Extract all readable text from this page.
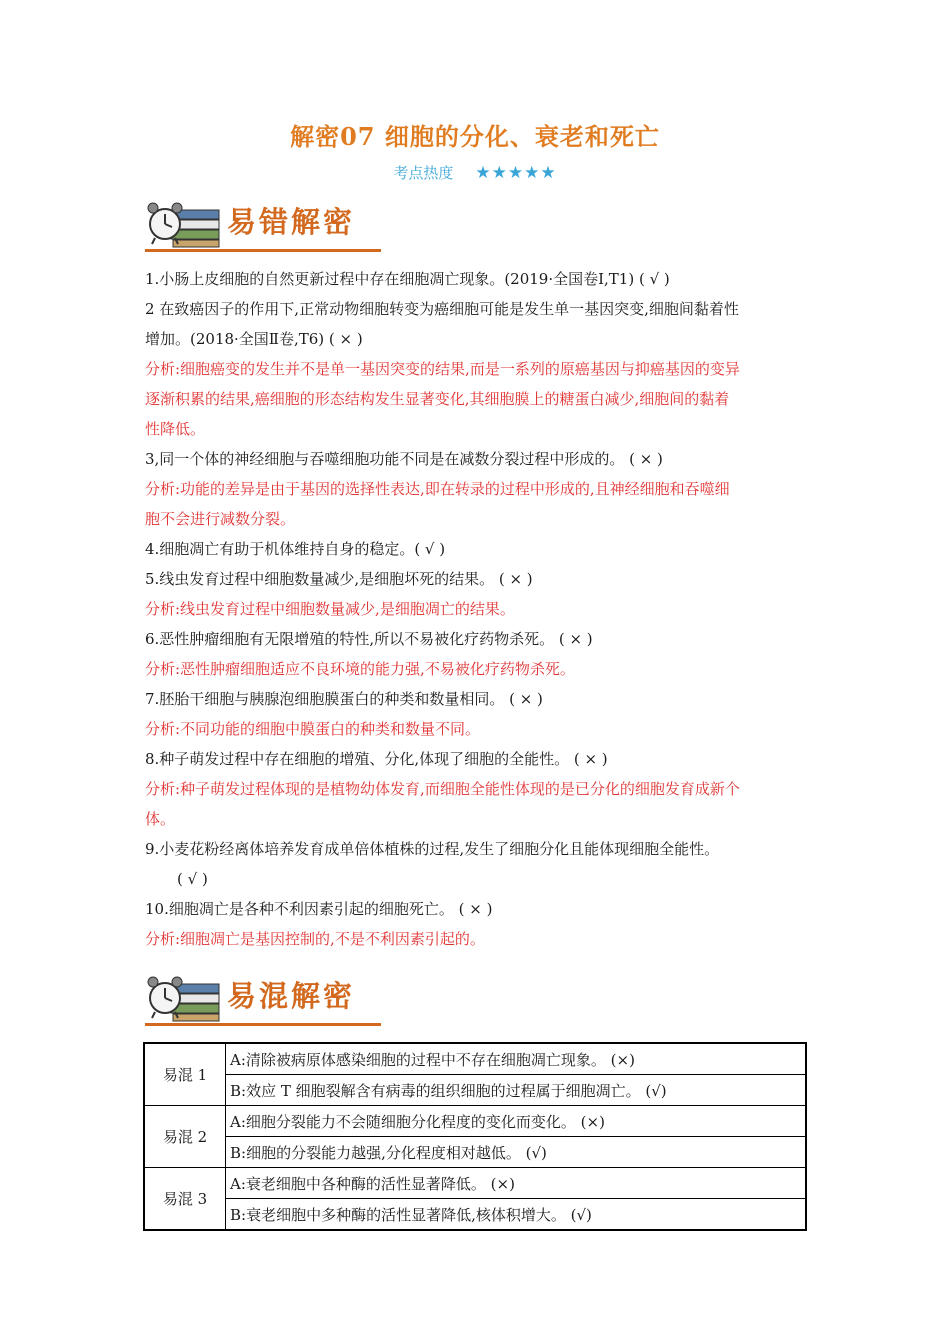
解密07 细胞的分化、衰老和死亡
考点热度 ★★★★★
易错解密
1.小肠上皮细胞的自然更新过程中存在细胞凋亡现象。(2019·全国卷Ⅰ,T1) ( √ )
2 在致癌因子的作用下,正常动物细胞转变为癌细胞可能是发生单一基因突变,细胞间黏着性
增加。(2018·全国Ⅱ卷,T6) ( × )
分析:细胞癌变的发生并不是单一基因突变的结果,而是一系列的原癌基因与抑癌基因的变异
逐渐积累的结果,癌细胞的形态结构发生显著变化,其细胞膜上的糖蛋白减少,细胞间的黏着
性降低。
3,同一个体的神经细胞与吞噬细胞功能不同是在减数分裂过程中形成的。 ( × )
分析:功能的差异是由于基因的选择性表达,即在转录的过程中形成的,且神经细胞和吞噬细
胞不会进行减数分裂。
4.细胞凋亡有助于机体维持自身的稳定。( √ )
5.线虫发育过程中细胞数量减少,是细胞坏死的结果。 ( × )
分析:线虫发育过程中细胞数量减少,是细胞凋亡的结果。
6.恶性肿瘤细胞有无限增殖的特性,所以不易被化疗药物杀死。 ( × )
分析:恶性肿瘤细胞适应不良环境的能力强,不易被化疗药物杀死。
7.胚胎干细胞与胰腺泡细胞膜蛋白的种类和数量相同。 ( × )
分析:不同功能的细胞中膜蛋白的种类和数量不同。
8.种子萌发过程中存在细胞的增殖、分化,体现了细胞的全能性。 ( × )
分析:种子萌发过程体现的是植物幼体发育,而细胞全能性体现的是已分化的细胞发育成新个
体。
9.小麦花粉经离体培养发育成单倍体植株的过程,发生了细胞分化且能体现细胞全能性。
( √ )
10.细胞凋亡是各种不利因素引起的细胞死亡。 ( × )
分析:细胞凋亡是基因控制的,不是不利因素引起的。
易混解密
易混 1	A:清除被病原体感染细胞的过程中不存在细胞凋亡现象。 (×)
	B:效应 T 细胞裂解含有病毒的组织细胞的过程属于细胞凋亡。 (√)
易混 2	A:细胞分裂能力不会随细胞分化程度的变化而变化。 (×)
	B:细胞的分裂能力越强,分化程度相对越低。 (√)
易混 3	A:衰老细胞中各种酶的活性显著降低。 (×)
	B:衰老细胞中多种酶的活性显著降低,核体积增大。 (√)
